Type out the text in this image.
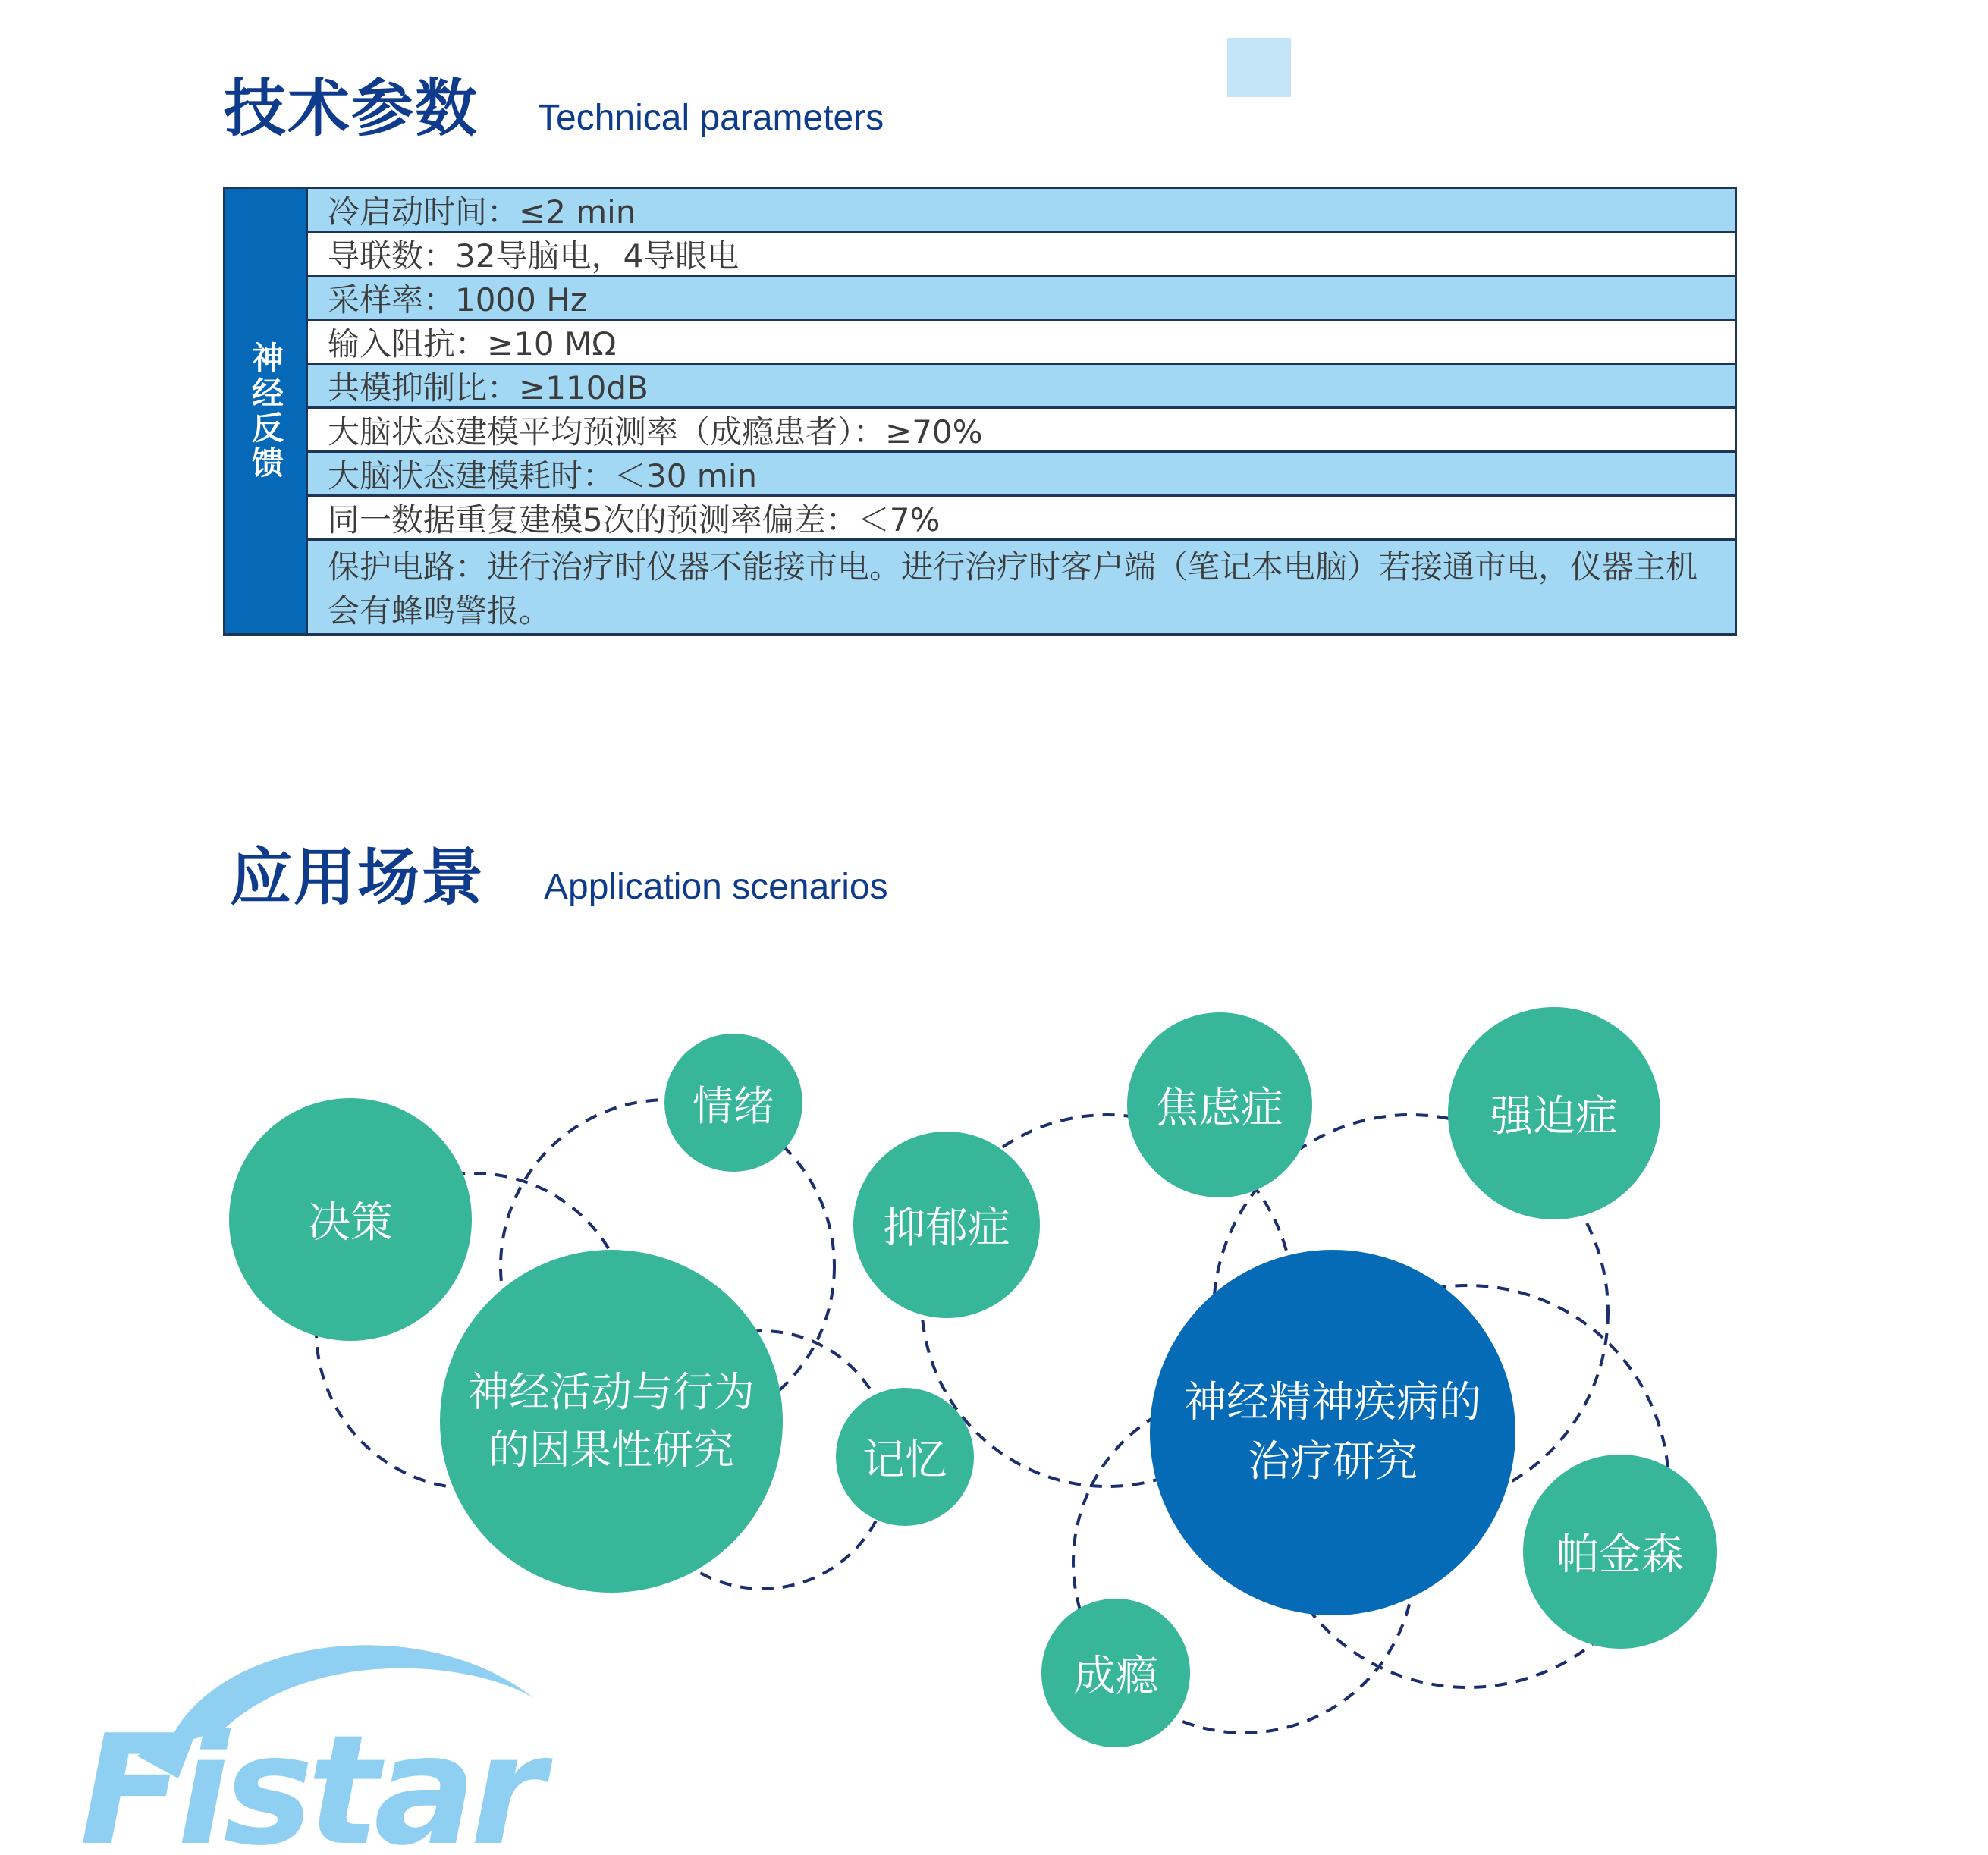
技术参数 Technical parameters
神经反馈
冷启动时间：≤2 min
导联数：32导脑电，4导眼电
采样率：1000 Hz
输入阻抗：≥10 MΩ
共模抑制比：≥110dB
大脑状态建模平均预测率（成瘾患者）：≥70%
大脑状态建模耗时：＜30 min
同一数据重复建模5次的预测率偏差：＜7%
保护电路：进行治疗时仪器不能接市电。进行治疗时客户端（笔记本电脑）若接通市电，仪器主机会有蜂鸣警报。
应用场景 Application scenarios
决策
情绪
神经活动与行为
的因果性研究	记忆
抑郁症
焦虑症	强迫症
神经精神疾病的
治疗研究
帕金森
成瘾
Fistar
